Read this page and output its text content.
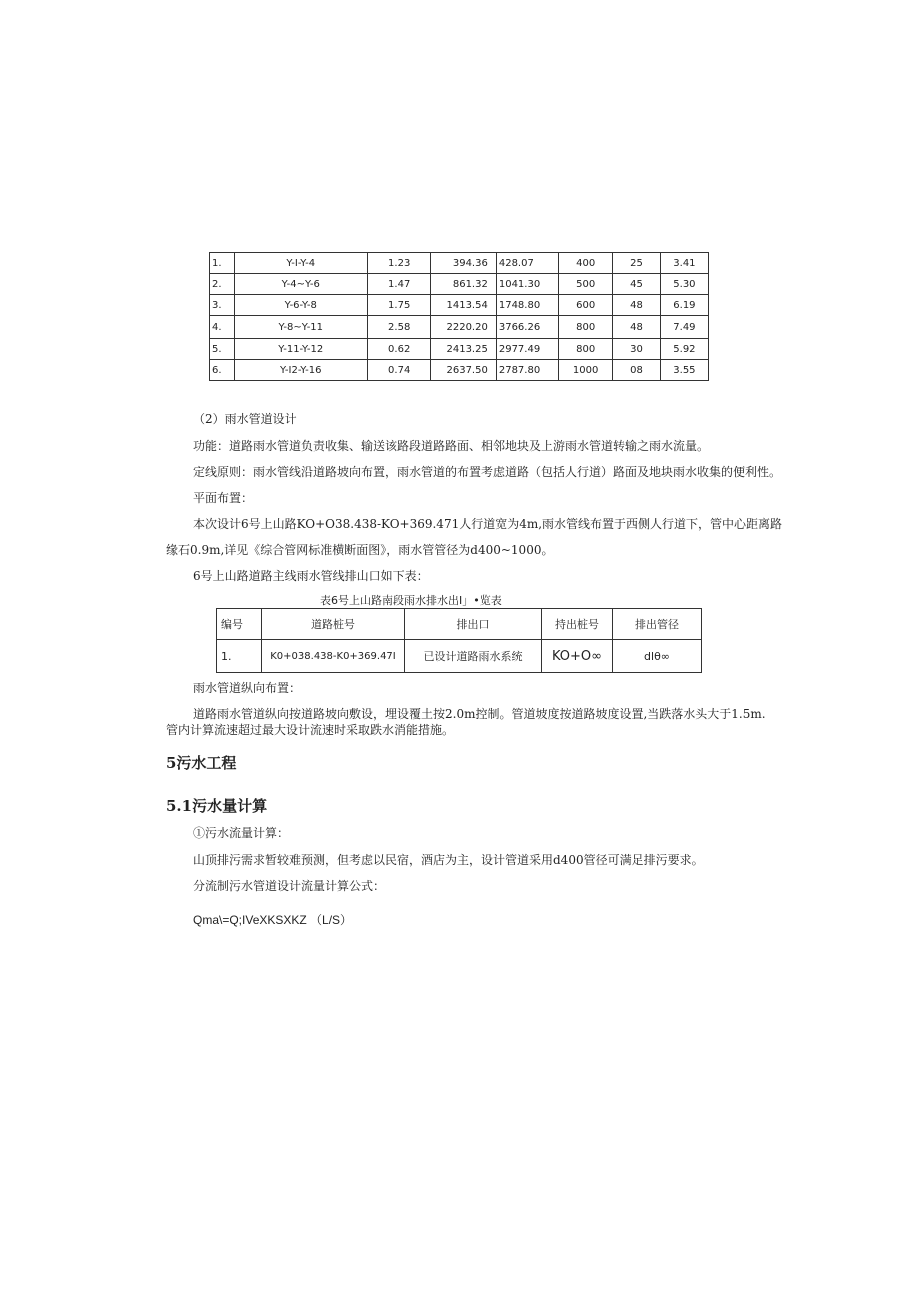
1.	Y-I-Y-4	1.23	394.36	428.07	400	25	3.41
2.	Y-4~Y-6	1.47	861.32	1041.30	500	45	5.30
3.	Y-6-Y-8	1.75	1413.54	1748.80	600	48	6.19
4.	Y-8~Y-11	2.58	2220.20	3766.26	800	48	7.49
5.	Y-11-Y-12	0.62	2413.25	2977.49	800	30	5.92
6.	Y-I2-Y-16	0.74	2637.50	2787.80	1000	08	3.55
（2）雨水管道设计
功能：道路雨水管道负责收集、输送该路段道路路面、相邻地块及上游雨水管道转输之雨水流量。
定线原则：雨水管线沿道路坡向布置，雨水管道的布置考虑道路（包括人行道）路面及地块雨水收集的便利性。
平面布置：
本次设计6号上山路KO+O38.438-KO+369.471人行道宽为4m,雨水管线布置于西侧人行道下，管中心距离路
缘石0.9m,详见《综合管网标准横断面图》，雨水管管径为d400~1000。
6号上山路道路主线雨水管线排山口如下表：
表6号上山路南段雨水排水出Ⅰ」•览表
编号	道路桩号	排出口	持出桩号	排出管径
1.	K0+038.438-K0+369.47I	已设计道路雨水系统	KO+O∞	dlθ∞
雨水管道纵向布置：
道路雨水管道纵向按道路坡向敷设，埋设覆土按2.0m控制。管道坡度按道路坡度设置,当跌落水头大于1.5m.
管内计算流速超过最大设计流速时采取跌水消能措施。
5污水工程
5.1污水量计算
①污水流量计算：
山顶排污需求暂较难预测，但考虑以民宿，酒店为主，设计管道采用d400管径可满足排污要求。
分流制污水管道设计流量计算公式：
Qma\=Q;IVeXKSXKZ （L/S）
